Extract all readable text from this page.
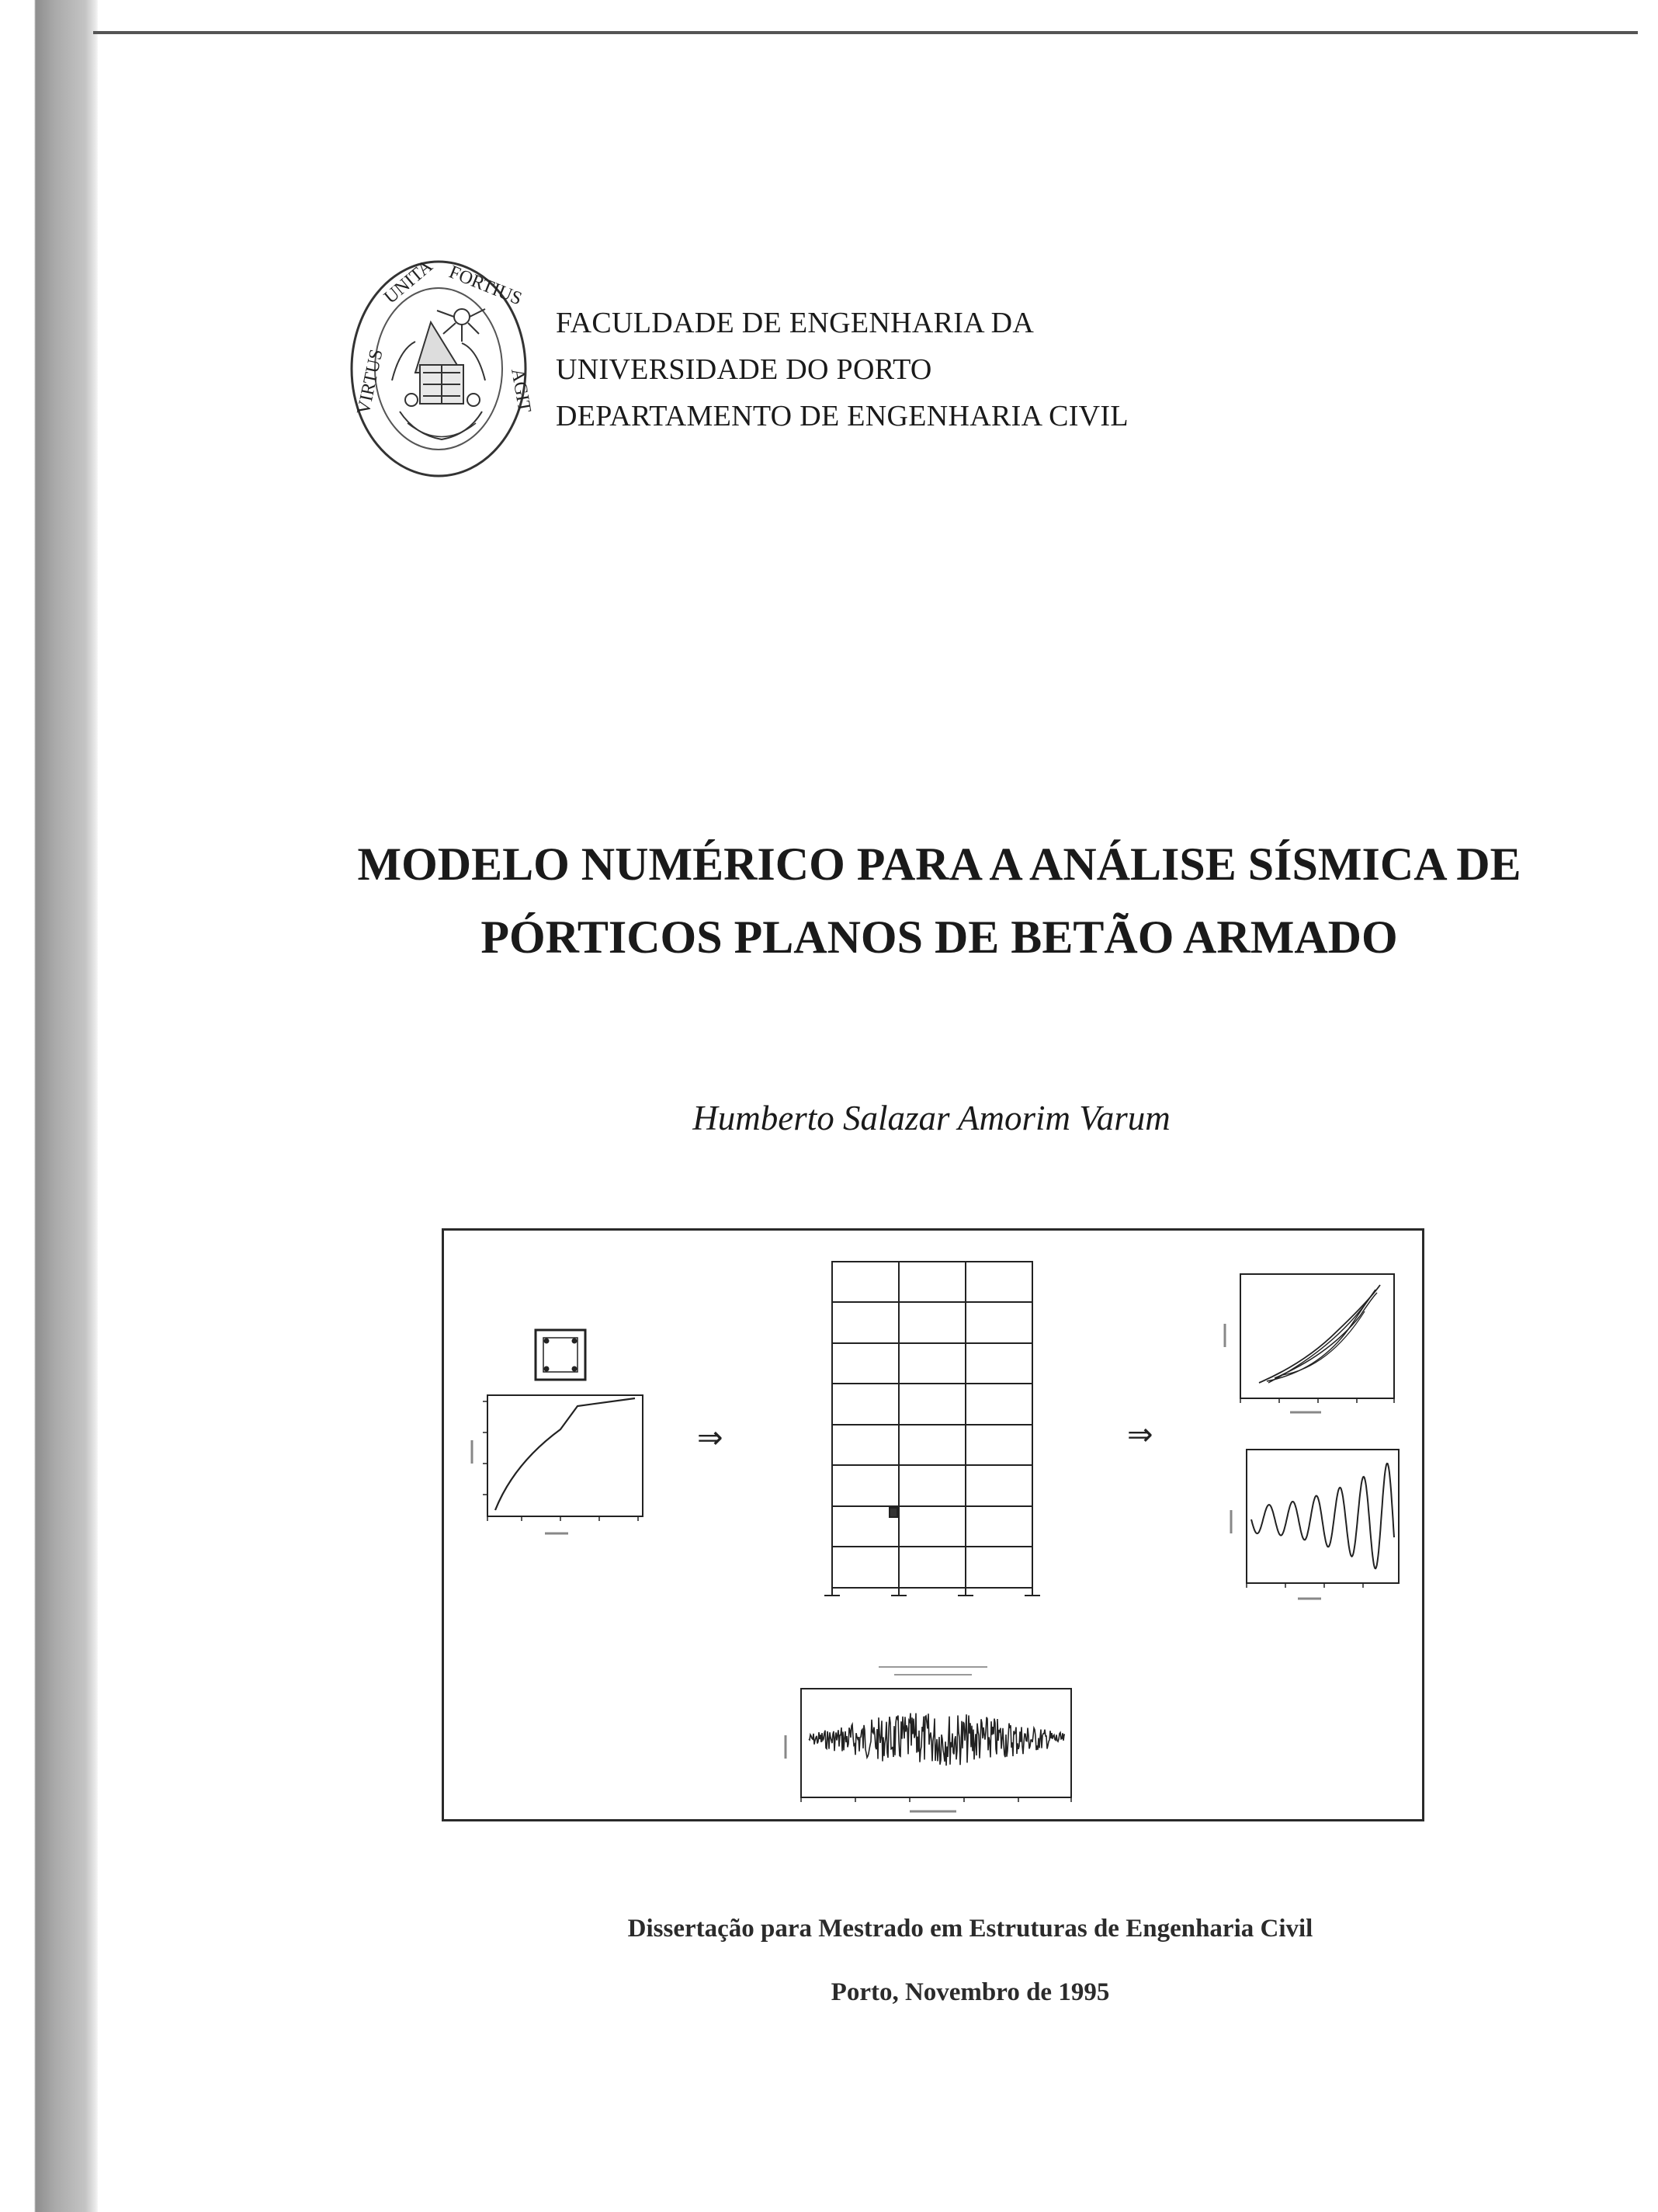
VIRTUS
UNITA FORTIUS
AGIT
FACULDADE DE ENGENHARIA DA
UNIVERSIDADE DO PORTO
DEPARTAMENTO DE ENGENHARIA CIVIL
MODELO NUMÉRICO PARA A ANÁLISE SÍSMICA DE
PÓRTICOS PLANOS DE BETÃO ARMADO
Humberto Salazar Amorim Varum
⇒	⇒
Dissertação para Mestrado em Estruturas de Engenharia Civil
Porto, Novembro de 1995
